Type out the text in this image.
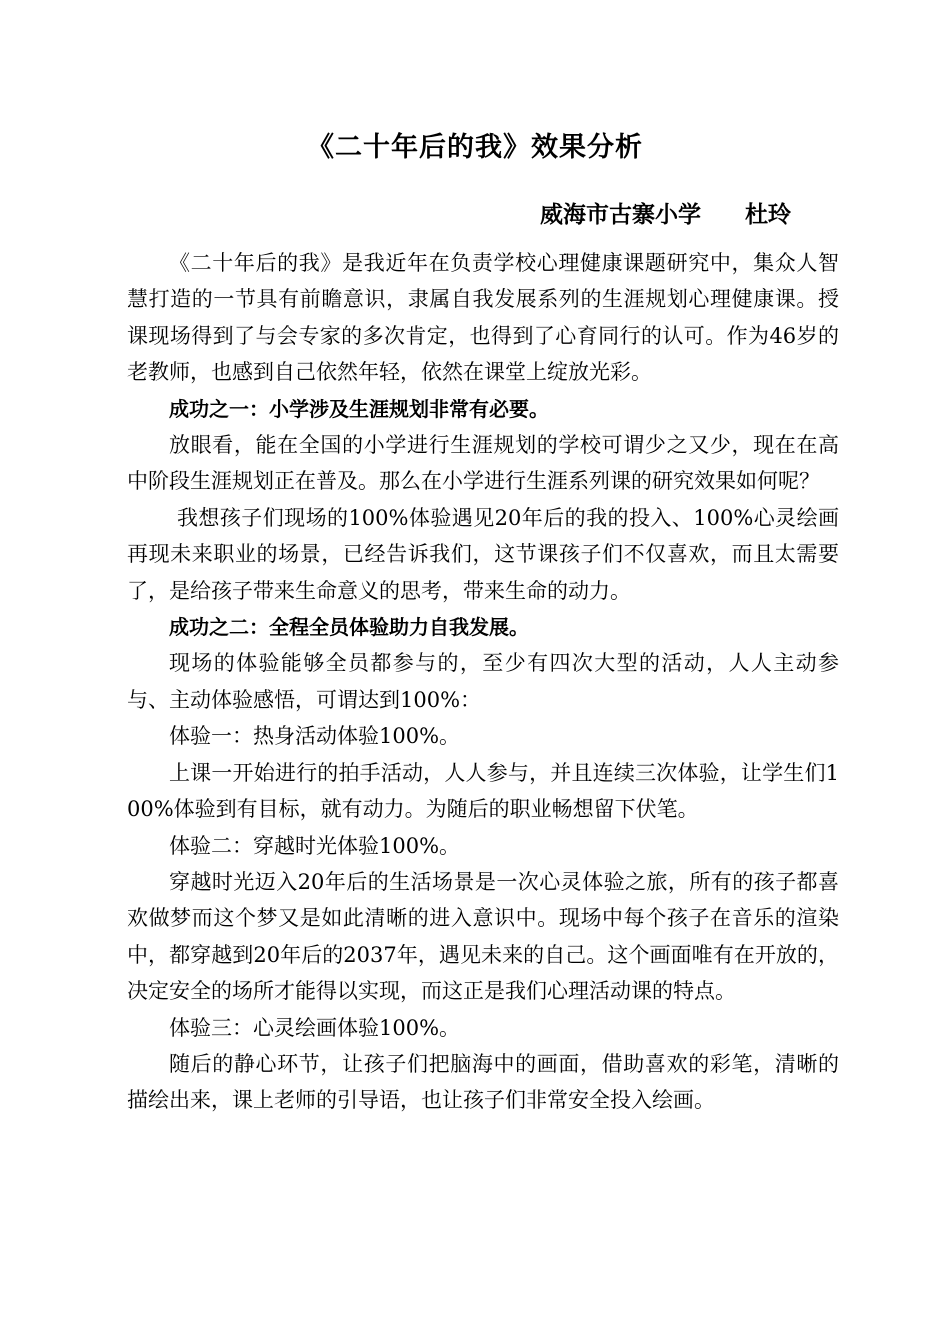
《二十年后的我》效果分析
威海市古寨小学 杜玲

《二十年后的我》是我近年在负责学校心理健康课题研究中，集众人智慧打造的一节具有前瞻意识，隶属自我发展系列的生涯规划心理健康课。授课现场得到了与会专家的多次肯定，也得到了心育同行的认可。作为46岁的老教师，也感到自己依然年轻，依然在课堂上绽放光彩。

成功之一：小学涉及生涯规划非常有必要。

放眼看，能在全国的小学进行生涯规划的学校可谓少之又少，现在在高中阶段生涯规划正在普及。那么在小学进行生涯系列课的研究效果如何呢？

我想孩子们现场的100%体验遇见20年后的我的投入、100%心灵绘画再现未来职业的场景，已经告诉我们，这节课孩子们不仅喜欢，而且太需要了，是给孩子带来生命意义的思考，带来生命的动力。

成功之二：全程全员体验助力自我发展。

现场的体验能够全员都参与的，至少有四次大型的活动，人人主动参与、主动体验感悟，可谓达到100%：

体验一：热身活动体验100%。

上课一开始进行的拍手活动，人人参与，并且连续三次体验，让学生们100%体验到有目标，就有动力。为随后的职业畅想留下伏笔。

体验二：穿越时光体验100%。

穿越时光迈入20年后的生活场景是一次心灵体验之旅，所有的孩子都喜欢做梦而这个梦又是如此清晰的进入意识中。现场中每个孩子在音乐的渲染中，都穿越到20年后的2037年，遇见未来的自己。这个画面唯有在开放的，决定安全的场所才能得以实现，而这正是我们心理活动课的特点。

体验三：心灵绘画体验100%。

随后的静心环节，让孩子们把脑海中的画面，借助喜欢的彩笔，清晰的描绘出来，课上老师的引导语，也让孩子们非常安全投入绘画。
